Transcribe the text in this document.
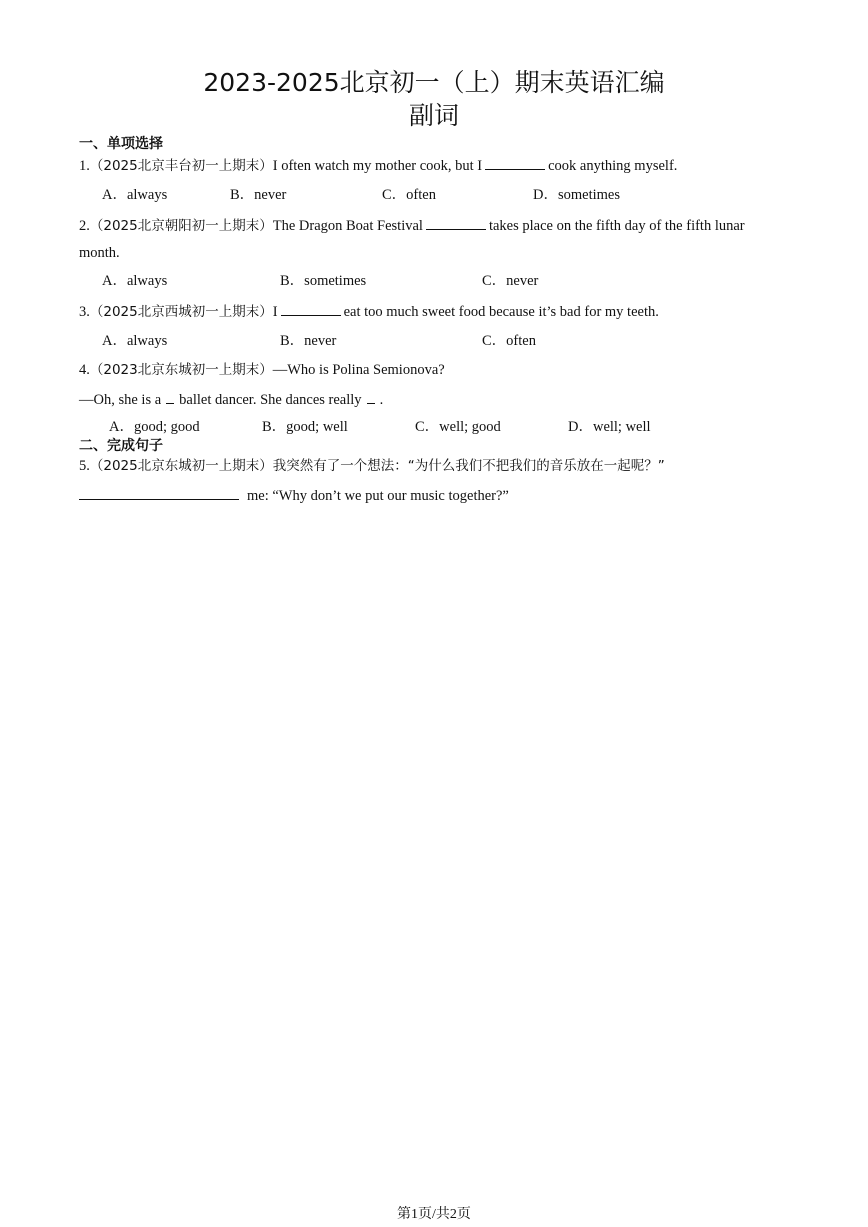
2023-2025北京初一（上）期末英语汇编
副词
一、单项选择
1.（2025北京丰台初一上期末）I often watch my mother cook, but I	cook anything myself.
A．always	B．never	C．often	D．sometimes
2.（2025北京朝阳初一上期末）The Dragon Boat Festival	takes place on the fifth day of the fifth lunar
month.
A．always	B．sometimes	C．never
3.（2025北京西城初一上期末）I	eat too much sweet food because it’s bad for my teeth.
A．always	B．never	C．often
4.（2023北京东城初一上期末）—Who is Polina Semionova?
—Oh, she is a ballet dancer. She dances really .
A．good; good	B．good; well	C．well; good	D．well; well
二、完成句子
5.（2025北京东城初一上期末）我突然有了一个想法：“为什么我们不把我们的音乐放在一起呢？”
me: “Why don’t we put our music together?”
第1页/共2页
